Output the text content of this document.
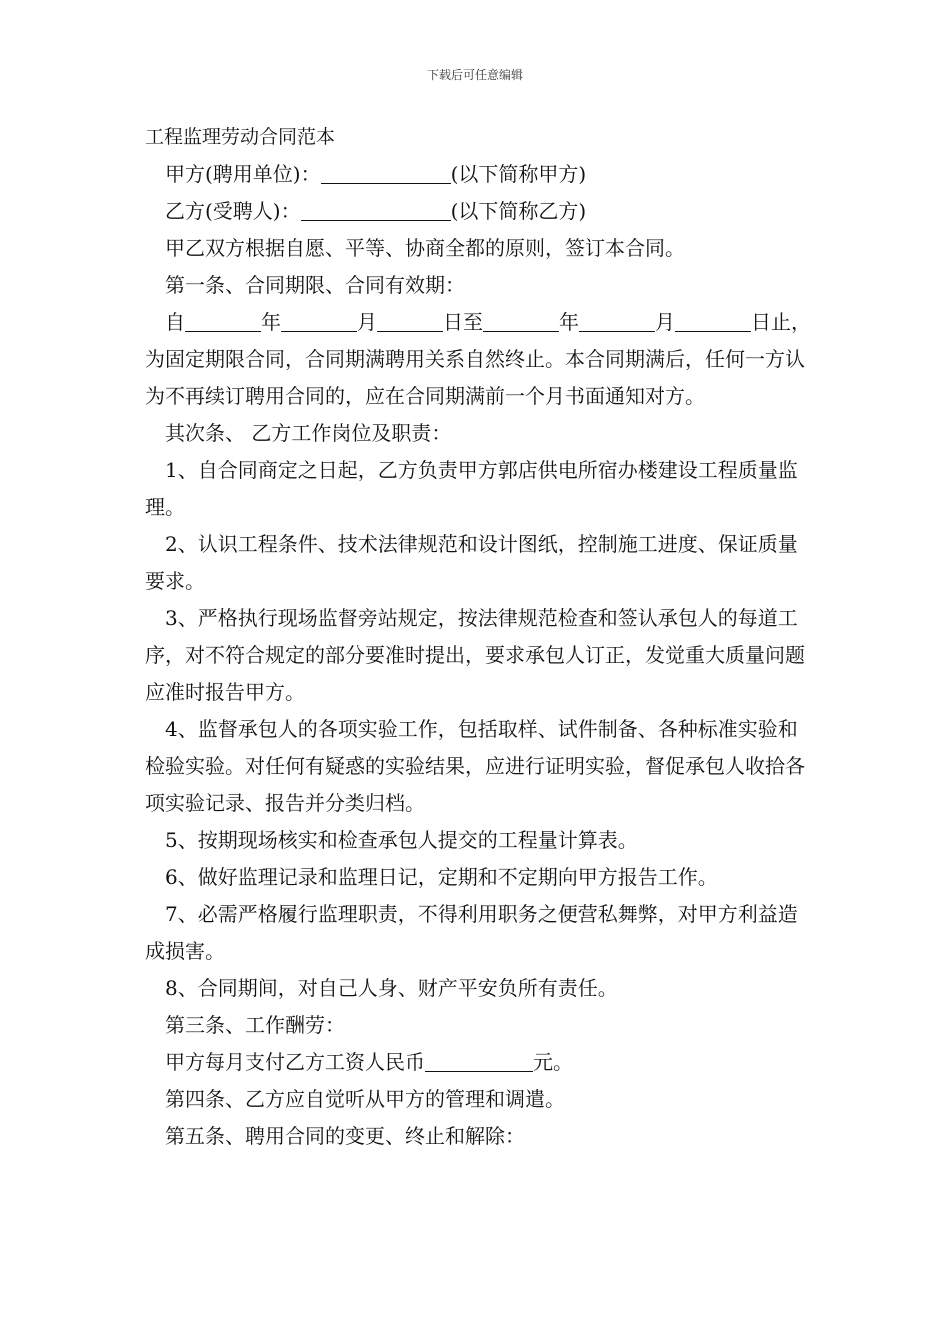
下载后可任意编辑

工程监理劳动合同范本

甲方(聘用单位)：	(以下简称甲方)

乙方(受聘人)：	(以下简称乙方)

甲乙双方根据自愿、平等、协商全都的原则，签订本合同。

第一条、合同期限、合同有效期：

自	年	月	日至	年	月	日止，为固定期限合同，合同期满聘用关系自然终止。本合同期满后，任何一方认为不再续订聘用合同的，应在合同期满前一个月书面通知对方。

其次条、 乙方工作岗位及职责：

1、自合同商定之日起，乙方负责甲方郭店供电所宿办楼建设工程质量监理。

2、认识工程条件、技术法律规范和设计图纸，控制施工进度、保证质量要求。

3、严格执行现场监督旁站规定，按法律规范检查和签认承包人的每道工序，对不符合规定的部分要准时提出，要求承包人订正，发觉重大质量问题应准时报告甲方。

4、监督承包人的各项实验工作，包括取样、试件制备、各种标准实验和检验实验。对任何有疑惑的实验结果，应进行证明实验，督促承包人收拾各项实验记录、报告并分类归档。

5、按期现场核实和检查承包人提交的工程量计算表。

6、做好监理记录和监理日记，定期和不定期向甲方报告工作。

7、必需严格履行监理职责，不得利用职务之便营私舞弊，对甲方利益造成损害。

8、合同期间，对自己人身、财产平安负所有责任。

第三条、工作酬劳：

甲方每月支付乙方工资人民币	元。

第四条、乙方应自觉听从甲方的管理和调遣。

第五条、聘用合同的变更、终止和解除：
